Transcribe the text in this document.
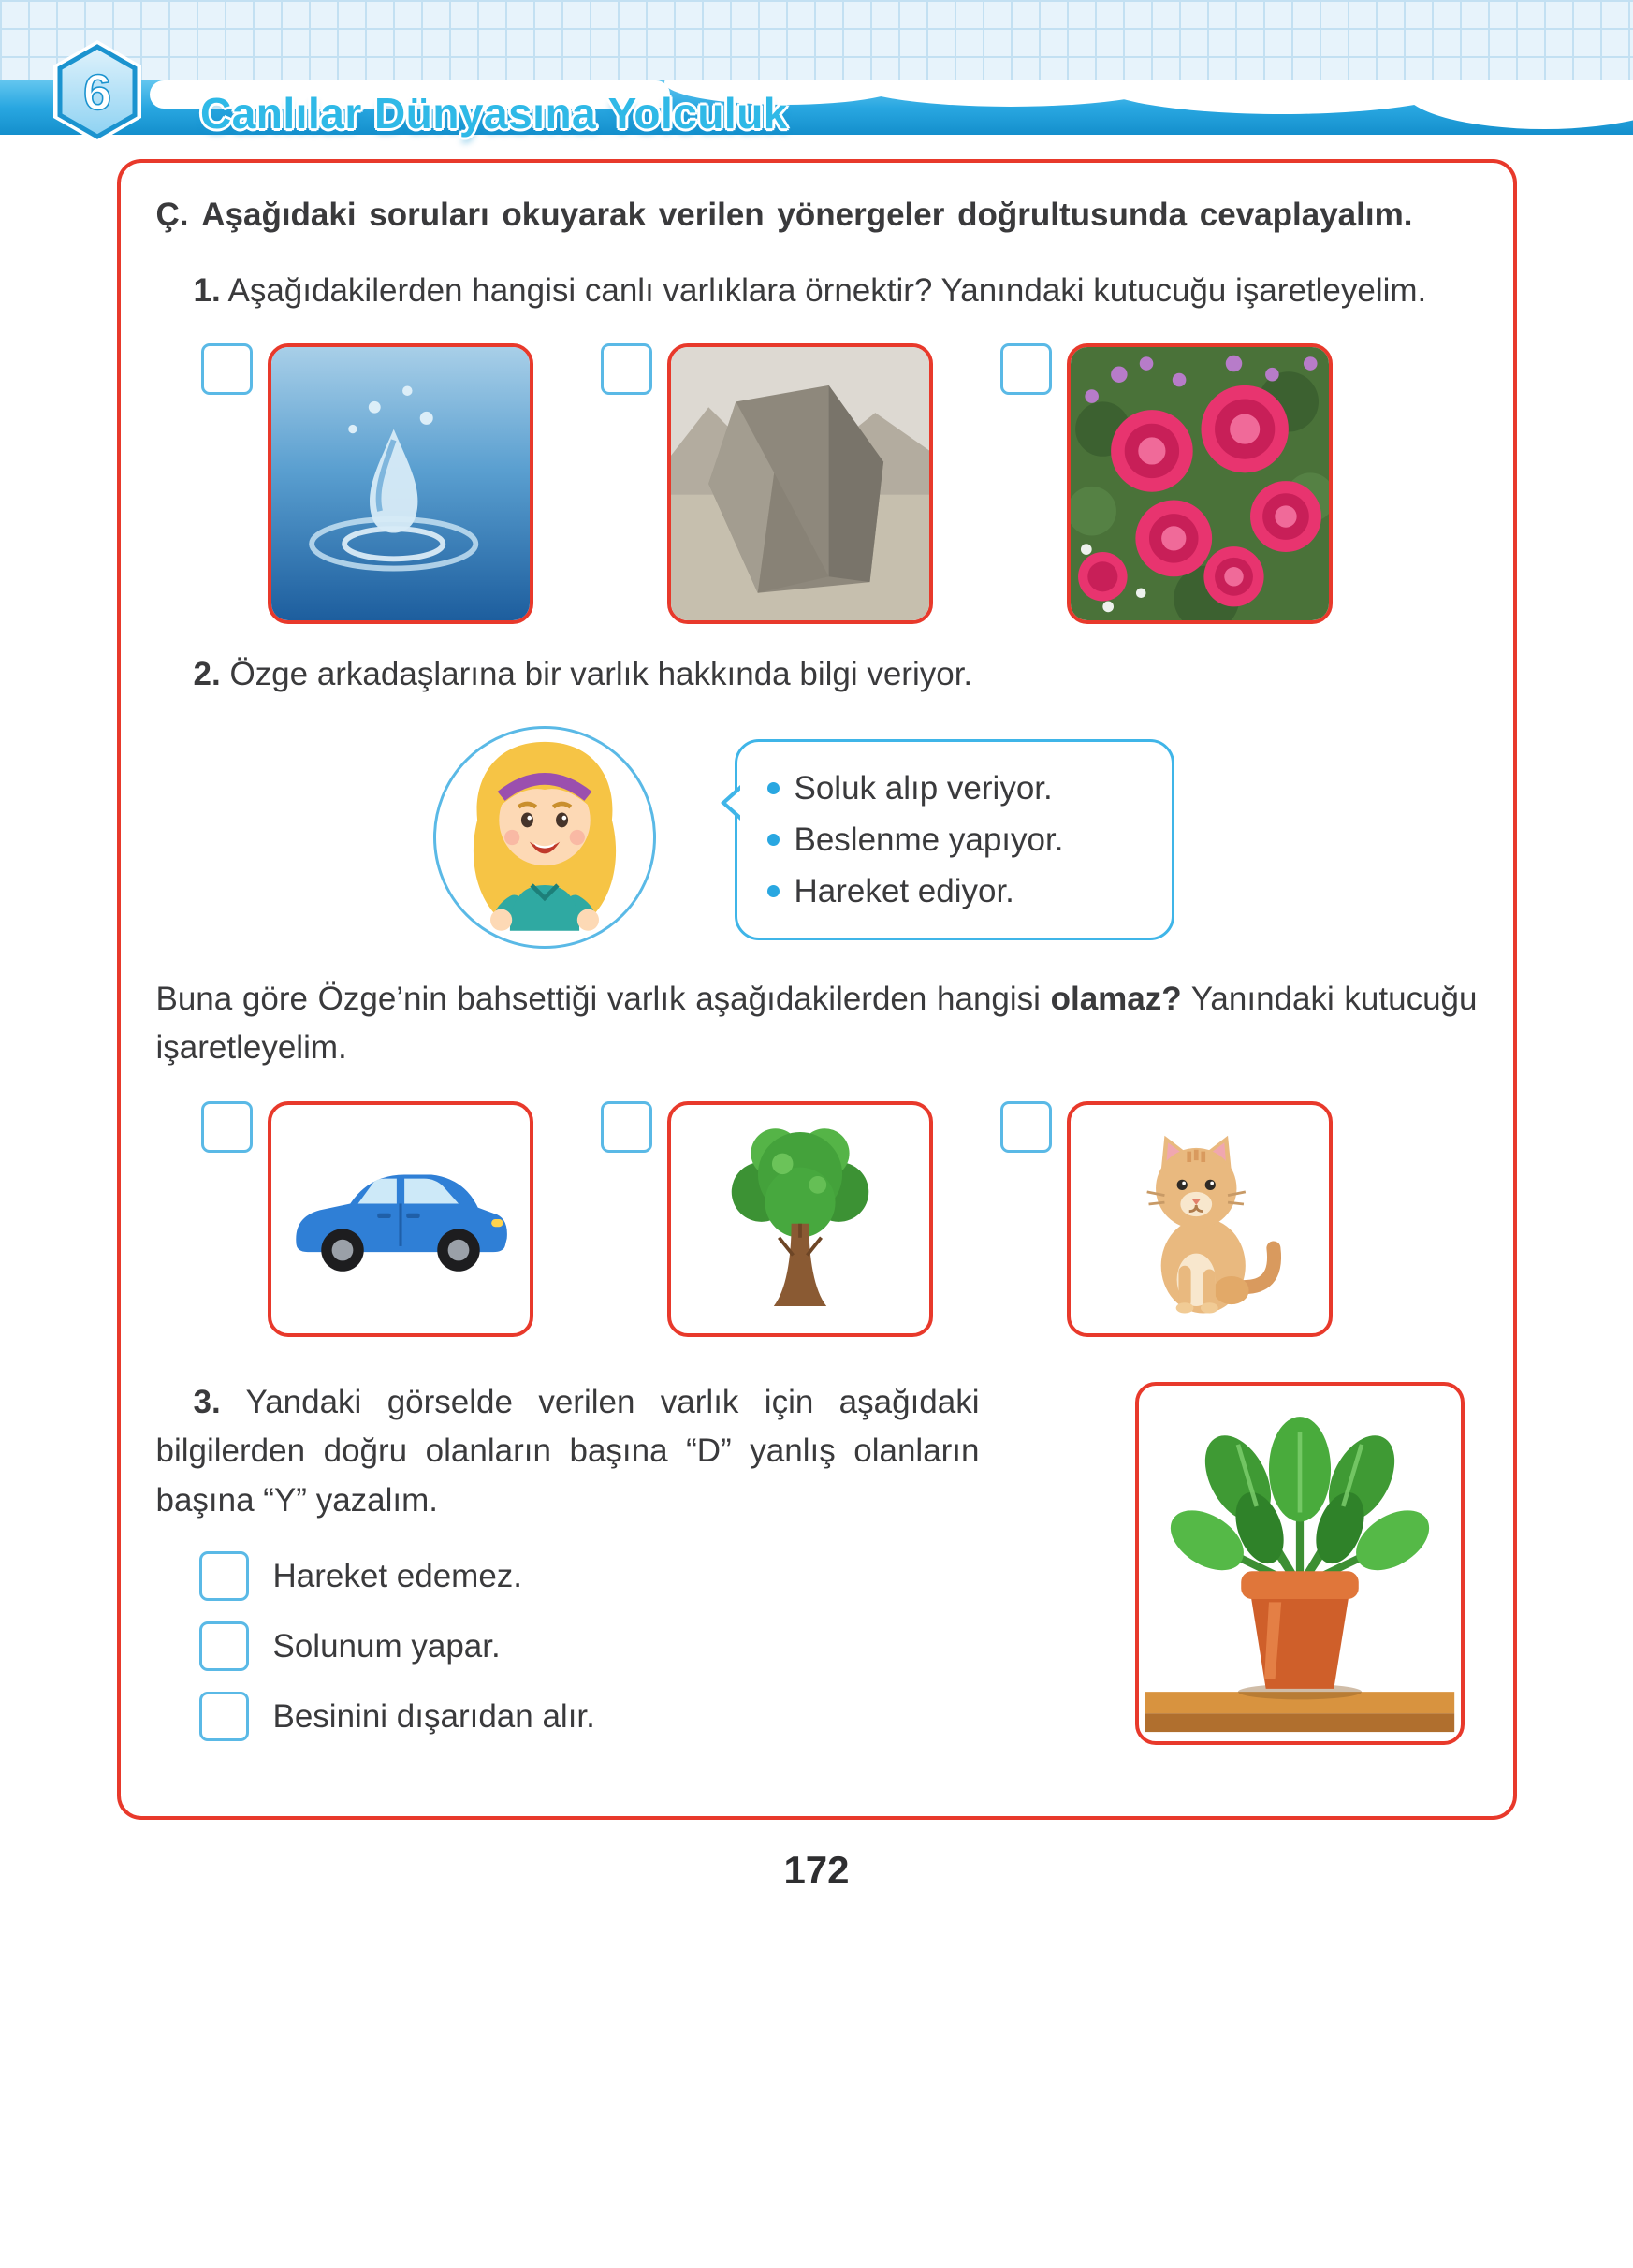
6 Canlılar Dünyasına Yolculuk

Ç. Aşağıdaki soruları okuyarak verilen yönergeler doğrultusunda cevaplayalım.

1. Aşağıdakilerden hangisi canlı varlıklara örnektir? Yanındaki kutucuğu işaretleyelim.

2. Özge arkadaşlarına bir varlık hakkında bilgi veriyor.

Soluk alıp veriyor.
Beslenme yapıyor.
Hareket ediyor.

Buna göre Özge’nin bahsettiği varlık aşağıdakilerden hangisi olamaz? Yanındaki kutucuğu işaretleyelim.

3. Yandaki görselde verilen varlık için aşağıdaki bilgilerden doğru olanların başına “D” yanlış olanların başına “Y” yazalım.

Hareket edemez.
Solunum yapar.
Besinini dışarıdan alır.
172
